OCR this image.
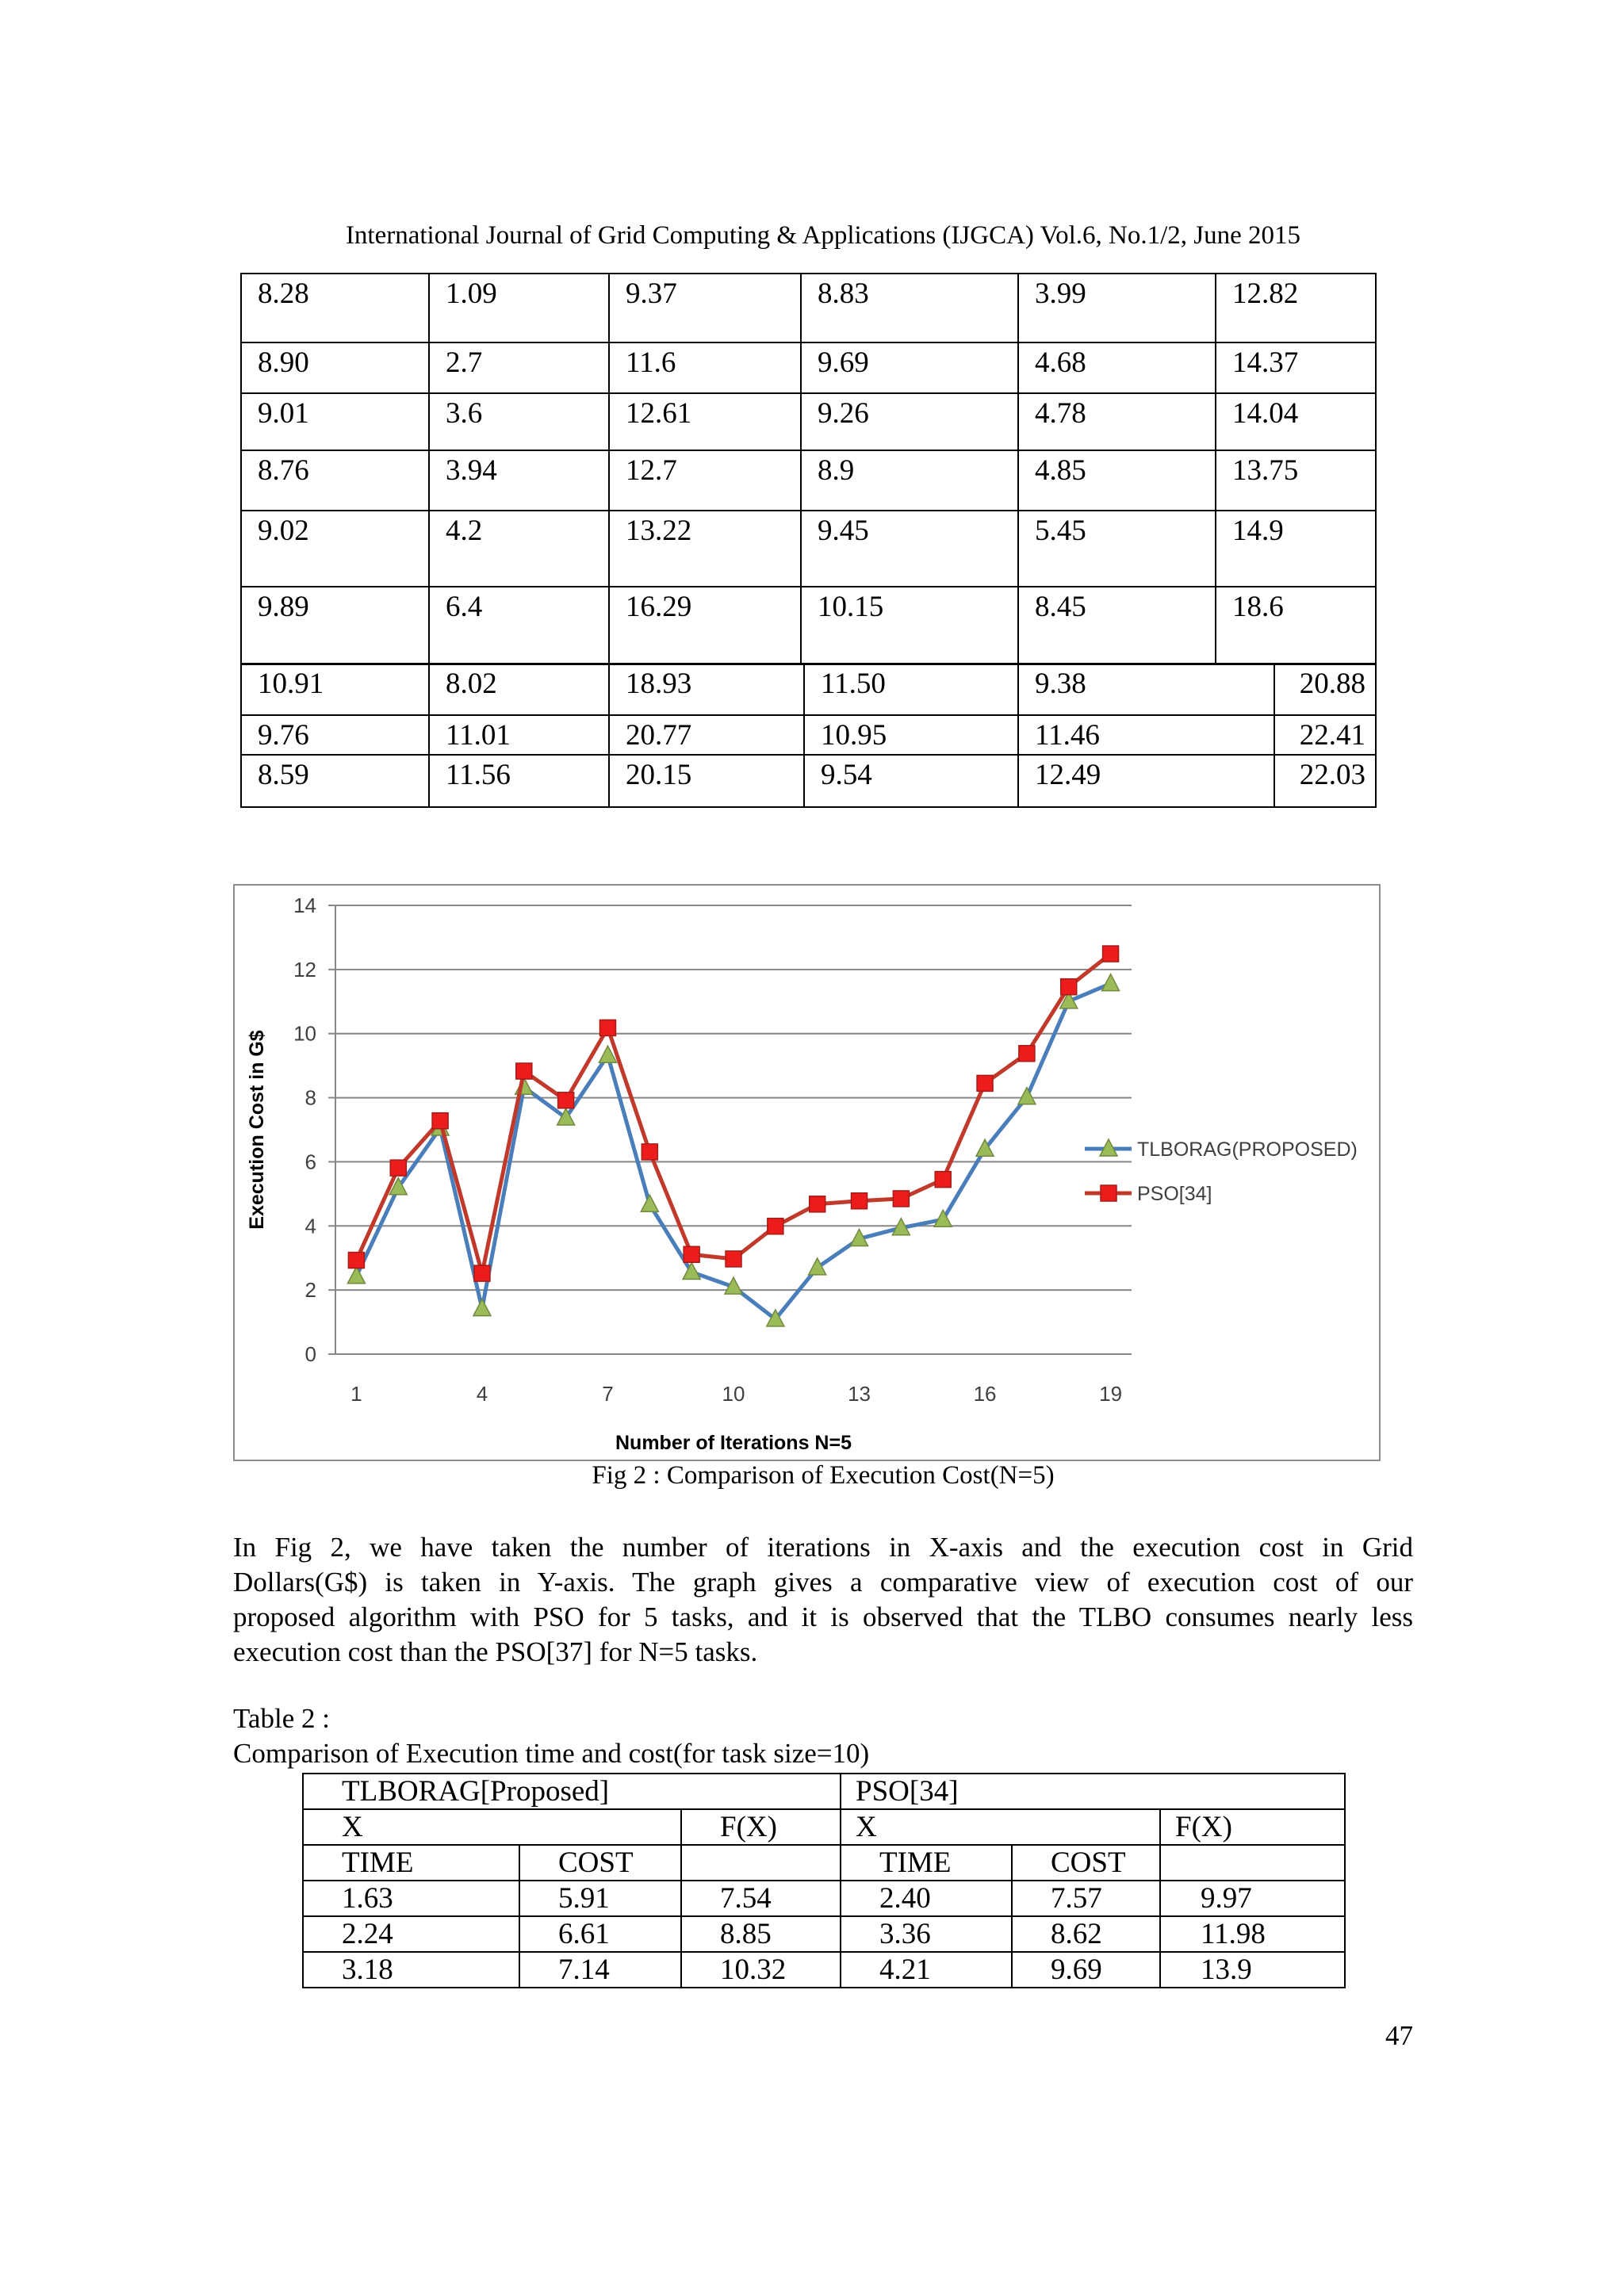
International Journal of Grid Computing & Applications (IJGCA) Vol.6, No.1/2, June 2015
8.28	1.09	9.37	8.83	3.99	12.82
8.90	2.7	11.6	9.69	4.68	14.37
9.01	3.6	12.61	9.26	4.78	14.04
8.76	3.94	12.7	8.9	4.85	13.75
9.02	4.2	13.22	9.45	5.45	14.9
9.89	6.4	16.29	10.15	8.45	18.6
10.91	8.02	18.93	11.50	9.38	20.88
9.76	11.01	20.77	10.95	11.46	22.41
8.59	11.56	20.15	9.54	12.49	22.03
0
2
4
6
8
10
12
14
1	4	7	10	13	16	19
TLBORAG(PROPOSED)
PSO[34]
Execution Cost in G$
Number of Iterations N=5
Fig 2 : Comparison of Execution Cost(N=5)
In Fig 2, we have taken the number of iterations in X-axis and the execution cost in Grid
Dollars(G$) is taken in Y-axis. The graph gives a comparative view of execution cost of our
proposed algorithm with PSO for 5 tasks, and it is observed that the TLBO consumes nearly less
execution cost than the PSO[37] for N=5 tasks.
Table 2 :
Comparison of Execution time and cost(for task size=10)
TLBORAG[Proposed]			PSO[34]		
X		F(X)	X		F(X)
TIME	COST		TIME	COST	
1.63	5.91	7.54	2.40	7.57	9.97
2.24	6.61	8.85	3.36	8.62	11.98
3.18	7.14	10.32	4.21	9.69	13.9
47
